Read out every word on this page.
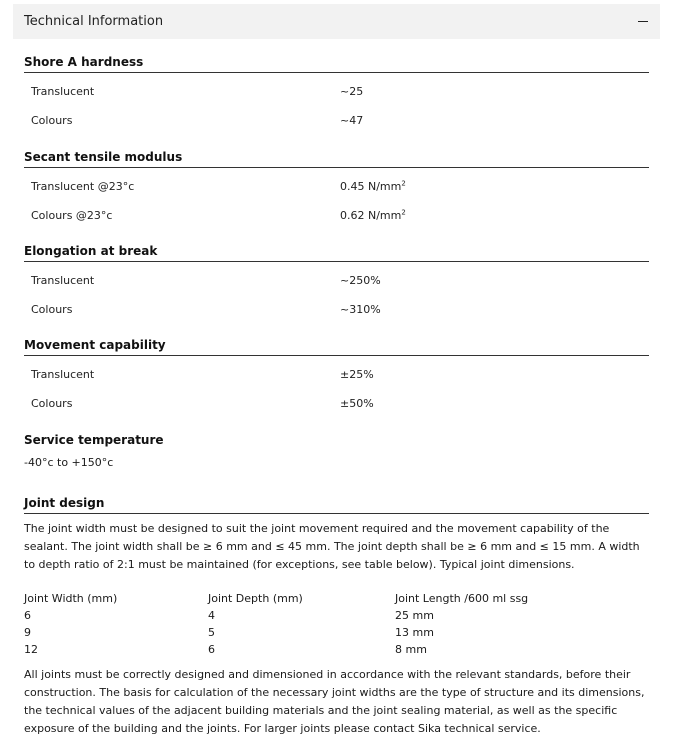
Technical Information
Shore A hardness
Translucent	~25
Colours	~47
Secant tensile modulus
Translucent @23°c	0.45 $N/mm^2$
Colours @23°c	0.62 $N/mm^2$
Elongation at break
Translucent	~250%
Colours	~310%
Movement capability
Translucent	±25%
Colours	±50%
Service temperature
-40°c to +150°c
Joint design
The joint width must be designed to suit the joint movement required and the movement capability of the sealant. The joint width shall be ≥ 6 mm and ≤ 45 mm. The joint depth shall be ≥ 6 mm and ≤ 15 mm. A width to depth ratio of 2:1 must be maintained (for exceptions, see table below). Typical joint dimensions.
Joint Width (mm)	Joint Depth (mm)	Joint Length /600 ml ssg
6	4	25 mm
9	5	13 mm
12	6	8 mm
All joints must be correctly designed and dimensioned in accordance with the relevant standards, before their construction. The basis for calculation of the necessary joint widths are the type of structure and its dimensions, the technical values of the adjacent building materials and the joint sealing material, as well as the specific exposure of the building and the joints. For larger joints please contact Sika technical service.
